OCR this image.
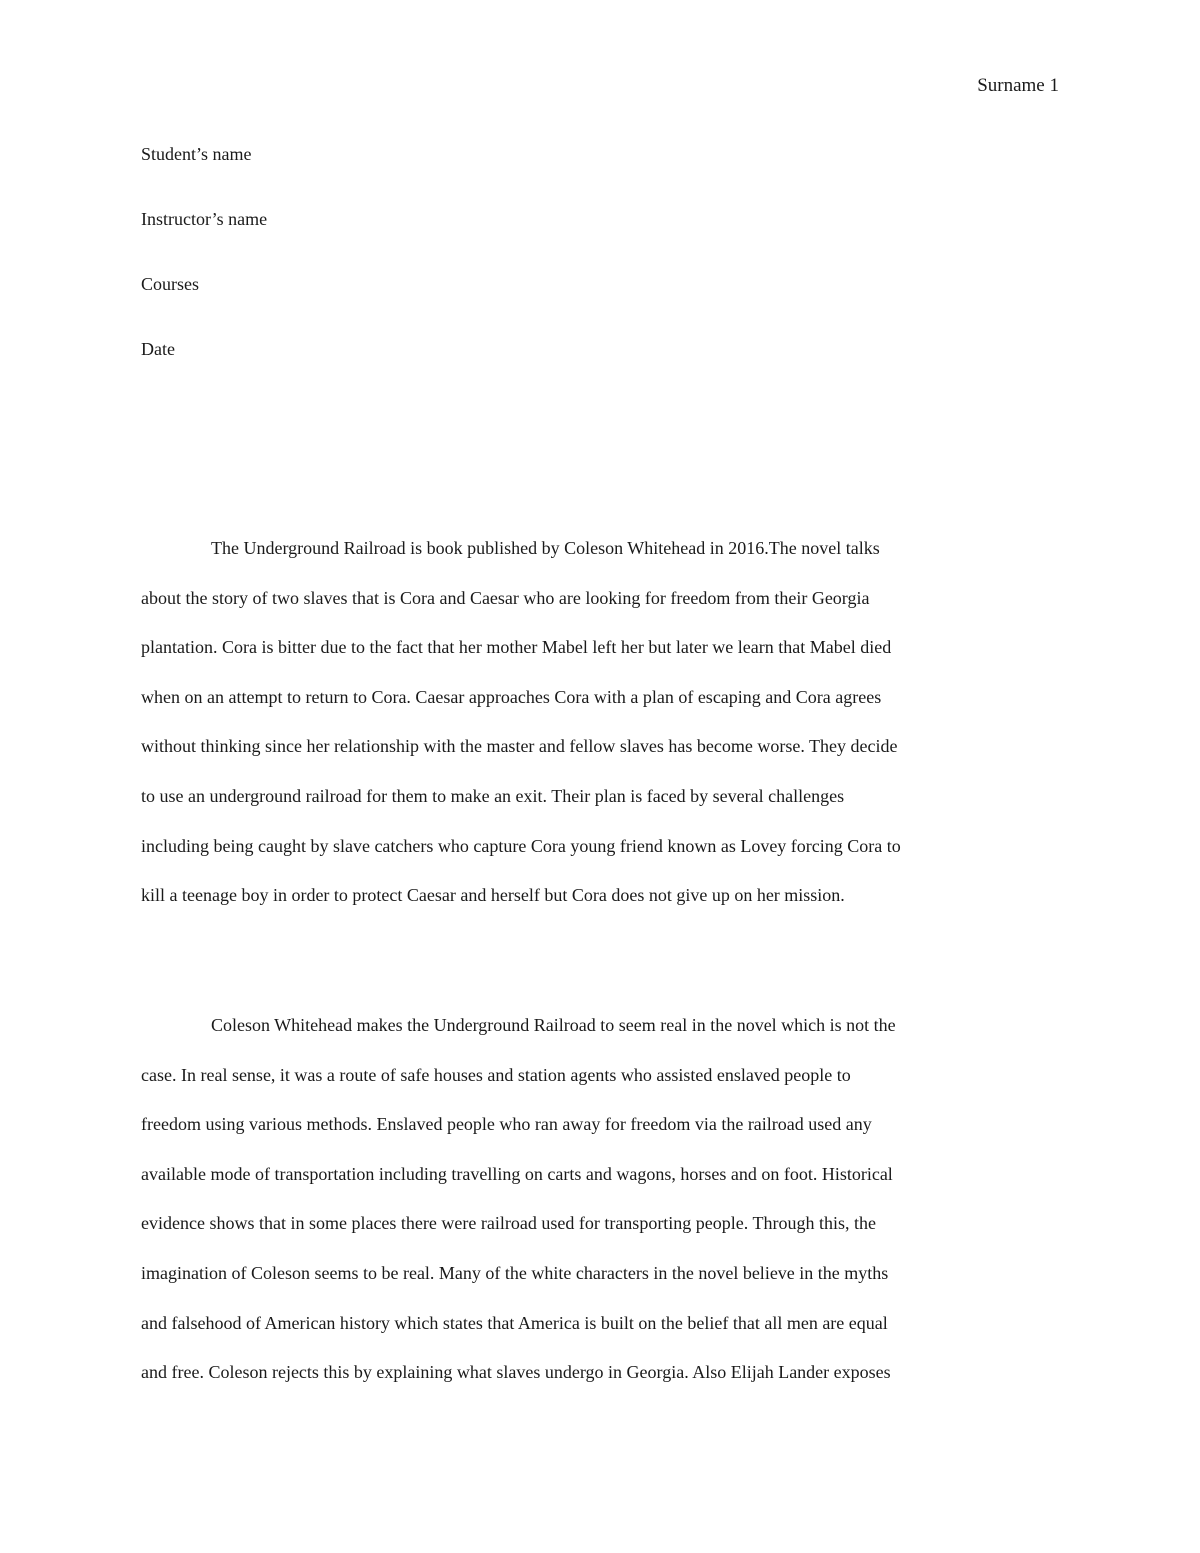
Surname 1
Student’s name
Instructor’s name
Courses
Date
The Underground Railroad is book published by Coleson Whitehead in 2016.The novel talks
about the story of two slaves that is Cora and Caesar who are looking for freedom from their Georgia
plantation. Cora is bitter due to the fact that her mother Mabel left her but later we learn that Mabel died
when on an attempt to return to Cora. Caesar approaches Cora with a plan of escaping and Cora agrees
without thinking since her relationship with the master and fellow slaves has become worse. They decide
to use an underground railroad for them to make an exit. Their plan is faced by several challenges
including being caught by slave catchers who capture Cora young friend known as Lovey forcing Cora to
kill a teenage boy in order to protect Caesar and herself but Cora does not give up on her mission.
Coleson Whitehead makes the Underground Railroad to seem real in the novel which is not the
case. In real sense, it was a route of safe houses and station agents who assisted enslaved people to
freedom using various methods. Enslaved people who ran away for freedom via the railroad used any
available mode of transportation including travelling on carts and wagons, horses and on foot. Historical
evidence shows that in some places there were railroad used for transporting people. Through this, the
imagination of Coleson seems to be real. Many of the white characters in the novel believe in the myths
and falsehood of American history which states that America is built on the belief that all men are equal
and free. Coleson rejects this by explaining what slaves undergo in Georgia. Also Elijah Lander exposes
